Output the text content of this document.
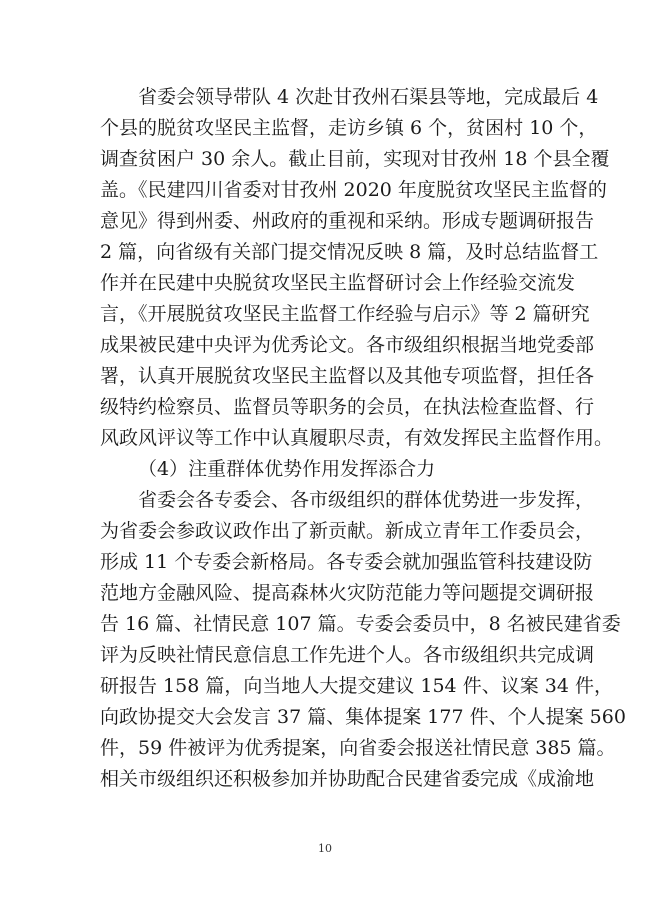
省委会领导带队 4 次赴甘孜州石渠县等地，完成最后 4
个县的脱贫攻坚民主监督，走访乡镇 6 个，贫困村 10 个，
调查贫困户 30 余人。截止目前，实现对甘孜州 18 个县全覆
盖。《民建四川省委对甘孜州 2020 年度脱贫攻坚民主监督的
意见》得到州委、州政府的重视和采纳。形成专题调研报告
2 篇，向省级有关部门提交情况反映 8 篇，及时总结监督工
作并在民建中央脱贫攻坚民主监督研讨会上作经验交流发
言，《开展脱贫攻坚民主监督工作经验与启示》等 2 篇研究
成果被民建中央评为优秀论文。各市级组织根据当地党委部
署，认真开展脱贫攻坚民主监督以及其他专项监督，担任各
级特约检察员、监督员等职务的会员，在执法检查监督、行
风政风评议等工作中认真履职尽责，有效发挥民主监督作用。
（4）注重群体优势作用发挥添合力
省委会各专委会、各市级组织的群体优势进一步发挥，
为省委会参政议政作出了新贡献。新成立青年工作委员会，
形成 11 个专委会新格局。各专委会就加强监管科技建设防
范地方金融风险、提高森林火灾防范能力等问题提交调研报
告 16 篇、社情民意 107 篇。专委会委员中，8 名被民建省委
评为反映社情民意信息工作先进个人。各市级组织共完成调
研报告 158 篇，向当地人大提交建议 154 件、议案 34 件，
向政协提交大会发言 37 篇、集体提案 177 件、个人提案 560
件，59 件被评为优秀提案，向省委会报送社情民意 385 篇。
相关市级组织还积极参加并协助配合民建省委完成《成渝地
10
